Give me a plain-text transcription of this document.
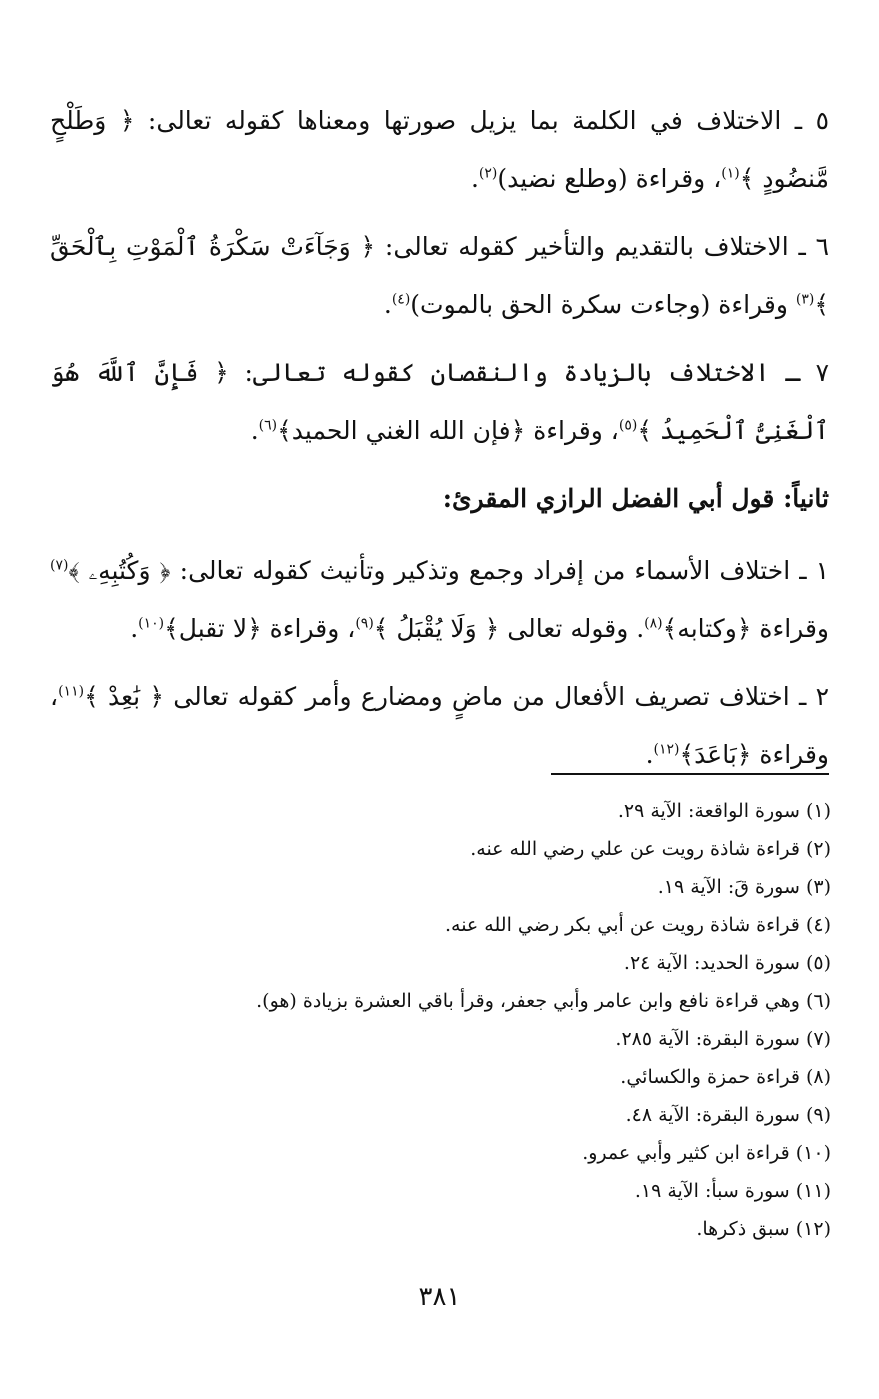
٥ ـ الاختلاف في الكلمة بما يزيل صورتها ومعناها كقوله تعالى: ﴿ وَطَلْحٍ مَّنضُودٍ ﴾$^{(١)}$، وقراءة (وطلع نضيد)$^{(٢)}$.

٦ ـ الاختلاف بالتقديم والتأخير كقوله تعالى: ﴿ وَجَآءَتْ سَكْرَةُ ٱلْمَوْتِ بِٱلْحَقِّ ﴾$^{(٣)}$ وقراءة (وجاءت سكرة الحق بالموت)$^{(٤)}$.

٧ ـ الاختلاف بالزيادة والنقصان كقوله تعالى: ﴿ فَإِنَّ ٱللَّهَ هُوَ ٱلْغَنِىُّ ٱلْحَمِيدُ ﴾$^{(٥)}$، وقراءة ﴿فإن الله الغني الحميد﴾$^{(٦)}$.

ثانياً: قول أبي الفضل الرازي المقرئ:

١ ـ اختلاف الأسماء من إفراد وجمع وتذكير وتأنيث كقوله تعالى: ﴿ وَكُتُبِهِۦ ﴾$^{(٧)}$ وقراءة ﴿وكتابه﴾$^{(٨)}$. وقوله تعالى ﴿ وَلَا يُقْبَلُ ﴾$^{(٩)}$، وقراءة ﴿لا تقبل﴾$^{(١٠)}$.

٢ ـ اختلاف تصريف الأفعال من ماضٍ ومضارع وأمر كقوله تعالى ﴿ بَٰعِدْ ﴾$^{(١١)}$، وقراءة ﴿بَاعَدَ﴾$^{(١٢)}$.

(١) سورة الواقعة: الآية ٢٩.
(٢) قراءة شاذة رويت عن علي رضي الله عنه.
(٣) سورة قَ: الآية ١٩.
(٤) قراءة شاذة رويت عن أبي بكر رضي الله عنه.
(٥) سورة الحديد: الآية ٢٤.
(٦) وهي قراءة نافع وابن عامر وأبي جعفر، وقرأ باقي العشرة بزيادة (هو).
(٧) سورة البقرة: الآية ٢٨٥.
(٨) قراءة حمزة والكسائي.
(٩) سورة البقرة: الآية ٤٨.
(١٠) قراءة ابن كثير وأبي عمرو.
(١١) سورة سبأ: الآية ١٩.
(١٢) سبق ذكرها.
٣٨١
